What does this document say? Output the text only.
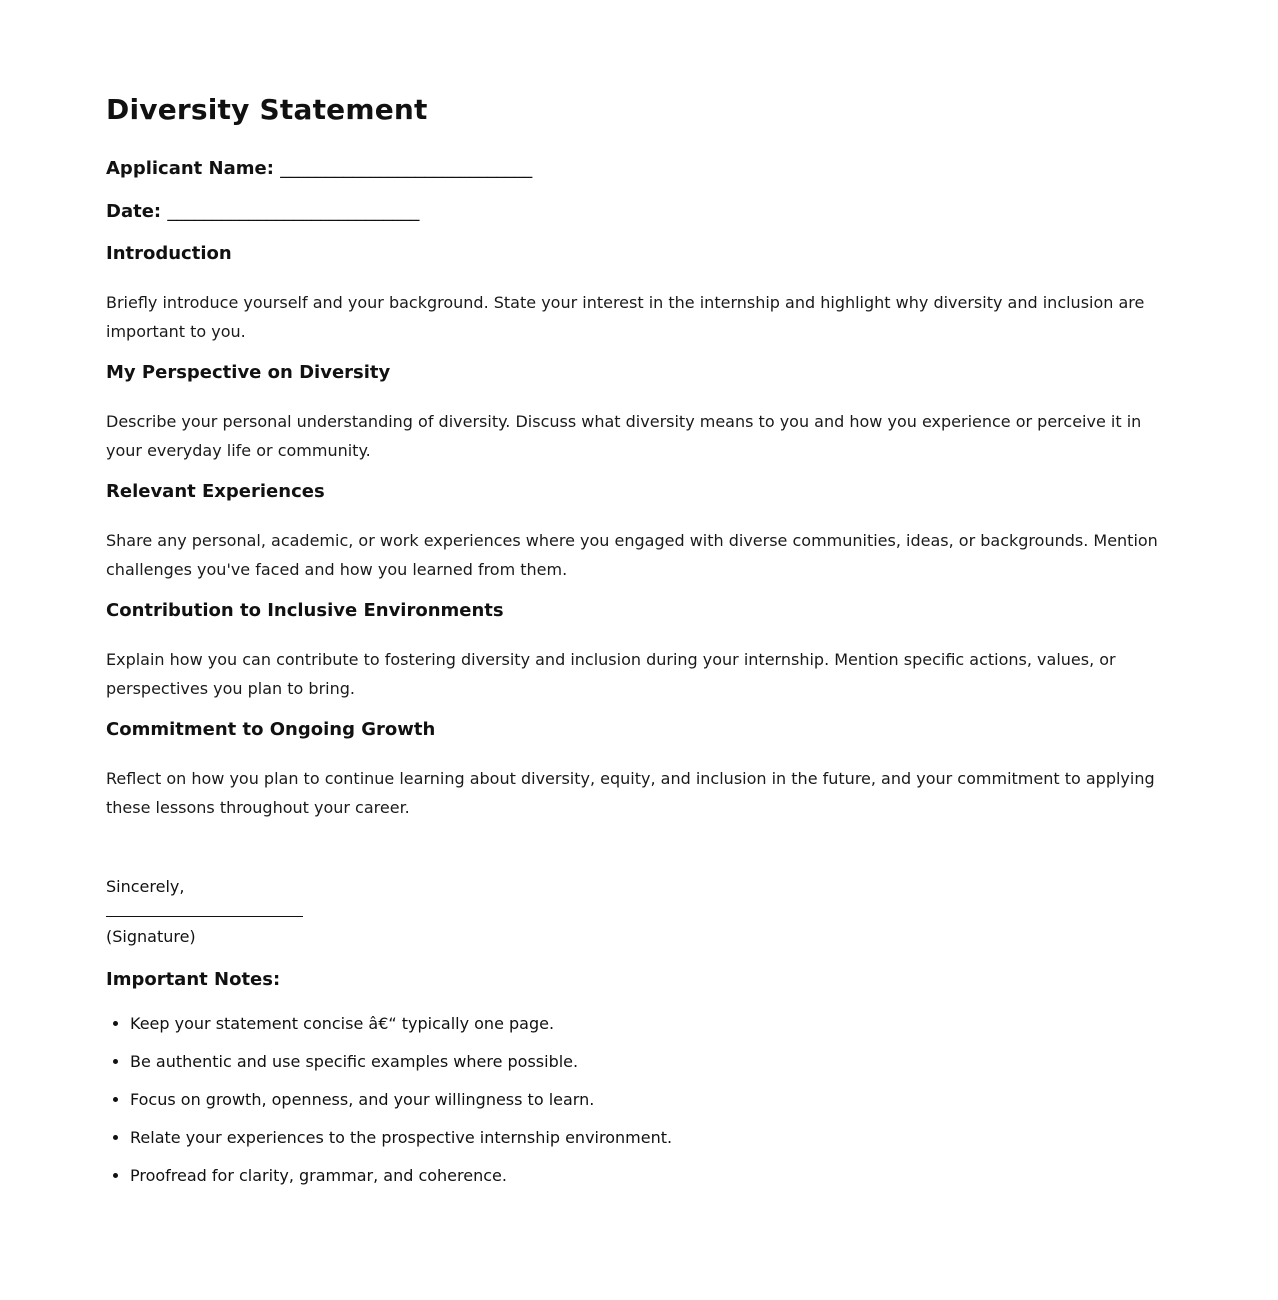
Diversity Statement
Applicant Name: ____________________________
Date: ____________________________
Introduction

Briefly introduce yourself and your background. State your interest in the internship and highlight why diversity and inclusion are important to you.

My Perspective on Diversity

Describe your personal understanding of diversity. Discuss what diversity means to you and how you experience or perceive it in your everyday life or community.

Relevant Experiences

Share any personal, academic, or work experiences where you engaged with diverse communities, ideas, or backgrounds. Mention challenges you've faced and how you learned from them.

Contribution to Inclusive Environments

Explain how you can contribute to fostering diversity and inclusion during your internship. Mention specific actions, values, or perspectives you plan to bring.

Commitment to Ongoing Growth

Reflect on how you plan to continue learning about diversity, equity, and inclusion in the future, and your commitment to applying these lessons throughout your career.

Sincerely,
(Signature)
Important Notes:
• Keep your statement concise â€“ typically one page.
• Be authentic and use specific examples where possible.
• Focus on growth, openness, and your willingness to learn.
• Relate your experiences to the prospective internship environment.
• Proofread for clarity, grammar, and coherence.
